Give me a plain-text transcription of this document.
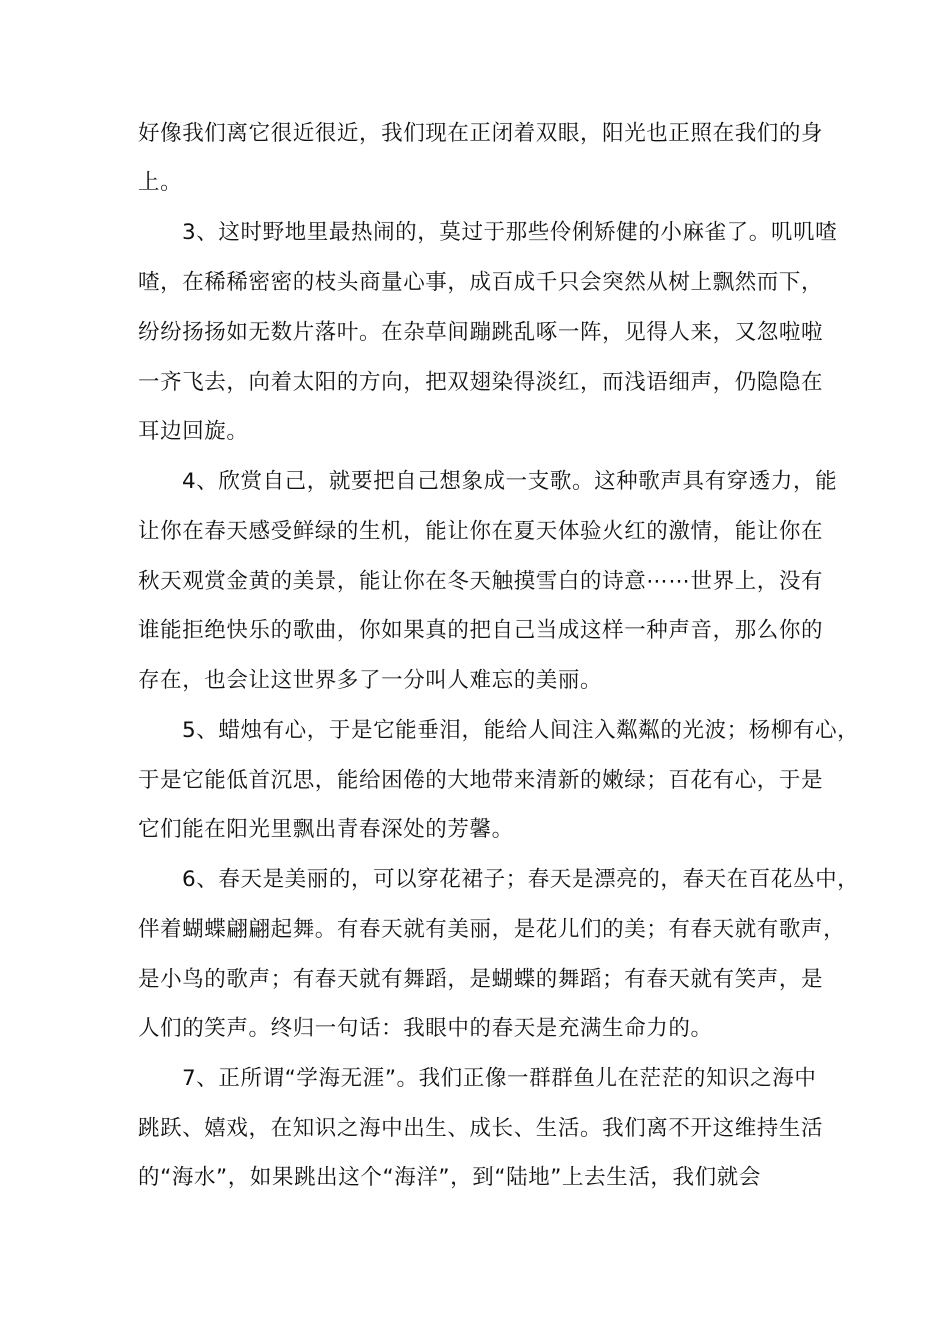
好像我们离它很近很近，我们现在正闭着双眼，阳光也正照在我们的身
上。
3、这时野地里最热闹的，莫过于那些伶俐矫健的小麻雀了。叽叽喳
喳，在稀稀密密的枝头商量心事，成百成千只会突然从树上飘然而下，
纷纷扬扬如无数片落叶。在杂草间蹦跳乱啄一阵，见得人来，又忽啦啦
一齐飞去，向着太阳的方向，把双翅染得淡红，而浅语细声，仍隐隐在
耳边回旋。
4、欣赏自己，就要把自己想象成一支歌。这种歌声具有穿透力，能
让你在春天感受鲜绿的生机，能让你在夏天体验火红的激情，能让你在
秋天观赏金黄的美景，能让你在冬天触摸雪白的诗意⋯⋯世界上，没有
谁能拒绝快乐的歌曲，你如果真的把自己当成这样一种声音，那么你的
存在，也会让这世界多了一分叫人难忘的美丽。
5、蜡烛有心，于是它能垂泪，能给人间注入粼粼的光波；杨柳有心，
于是它能低首沉思，能给困倦的大地带来清新的嫩绿；百花有心，于是
它们能在阳光里飘出青春深处的芳馨。
6、春天是美丽的，可以穿花裙子；春天是漂亮的，春天在百花丛中，
伴着蝴蝶翩翩起舞。有春天就有美丽，是花儿们的美；有春天就有歌声，
是小鸟的歌声；有春天就有舞蹈，是蝴蝶的舞蹈；有春天就有笑声，是
人们的笑声。终归一句话：我眼中的春天是充满生命力的。
7、正所谓“学海无涯”。我们正像一群群鱼儿在茫茫的知识之海中
跳跃、嬉戏，在知识之海中出生、成长、生活。我们离不开这维持生活
的“海水”，如果跳出这个“海洋”，到“陆地”上去生活，我们就会
